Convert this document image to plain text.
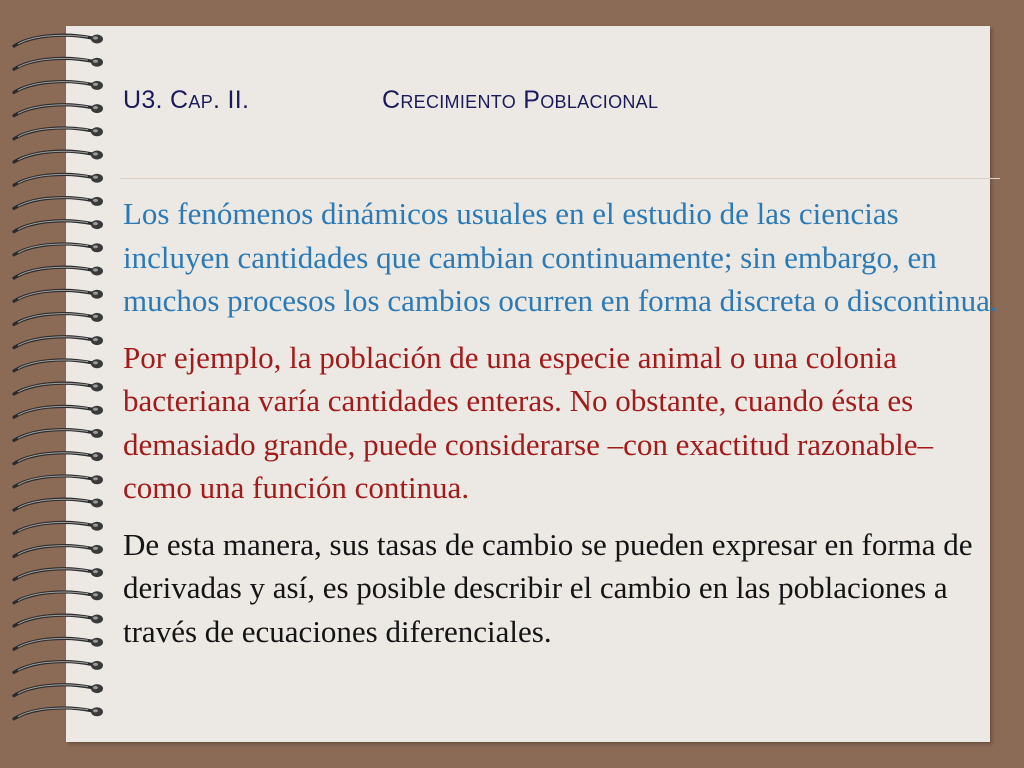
U3. Cap. II.	Crecimiento Poblacional

Los fenómenos dinámicos usuales en el estudio de las ciencias incluyen cantidades que cambian continuamente; sin embargo, en muchos procesos los cambios ocurren en forma discreta o discontinua.

Por ejemplo, la población de una especie animal o una colonia bacteriana varía cantidades enteras. No obstante, cuando ésta es demasiado grande, puede considerarse –con exactitud razonable– como una función continua.

De esta manera, sus tasas de cambio se pueden expresar en forma de derivadas y así, es posible describir el cambio en las poblaciones a través de ecuaciones diferenciales.
